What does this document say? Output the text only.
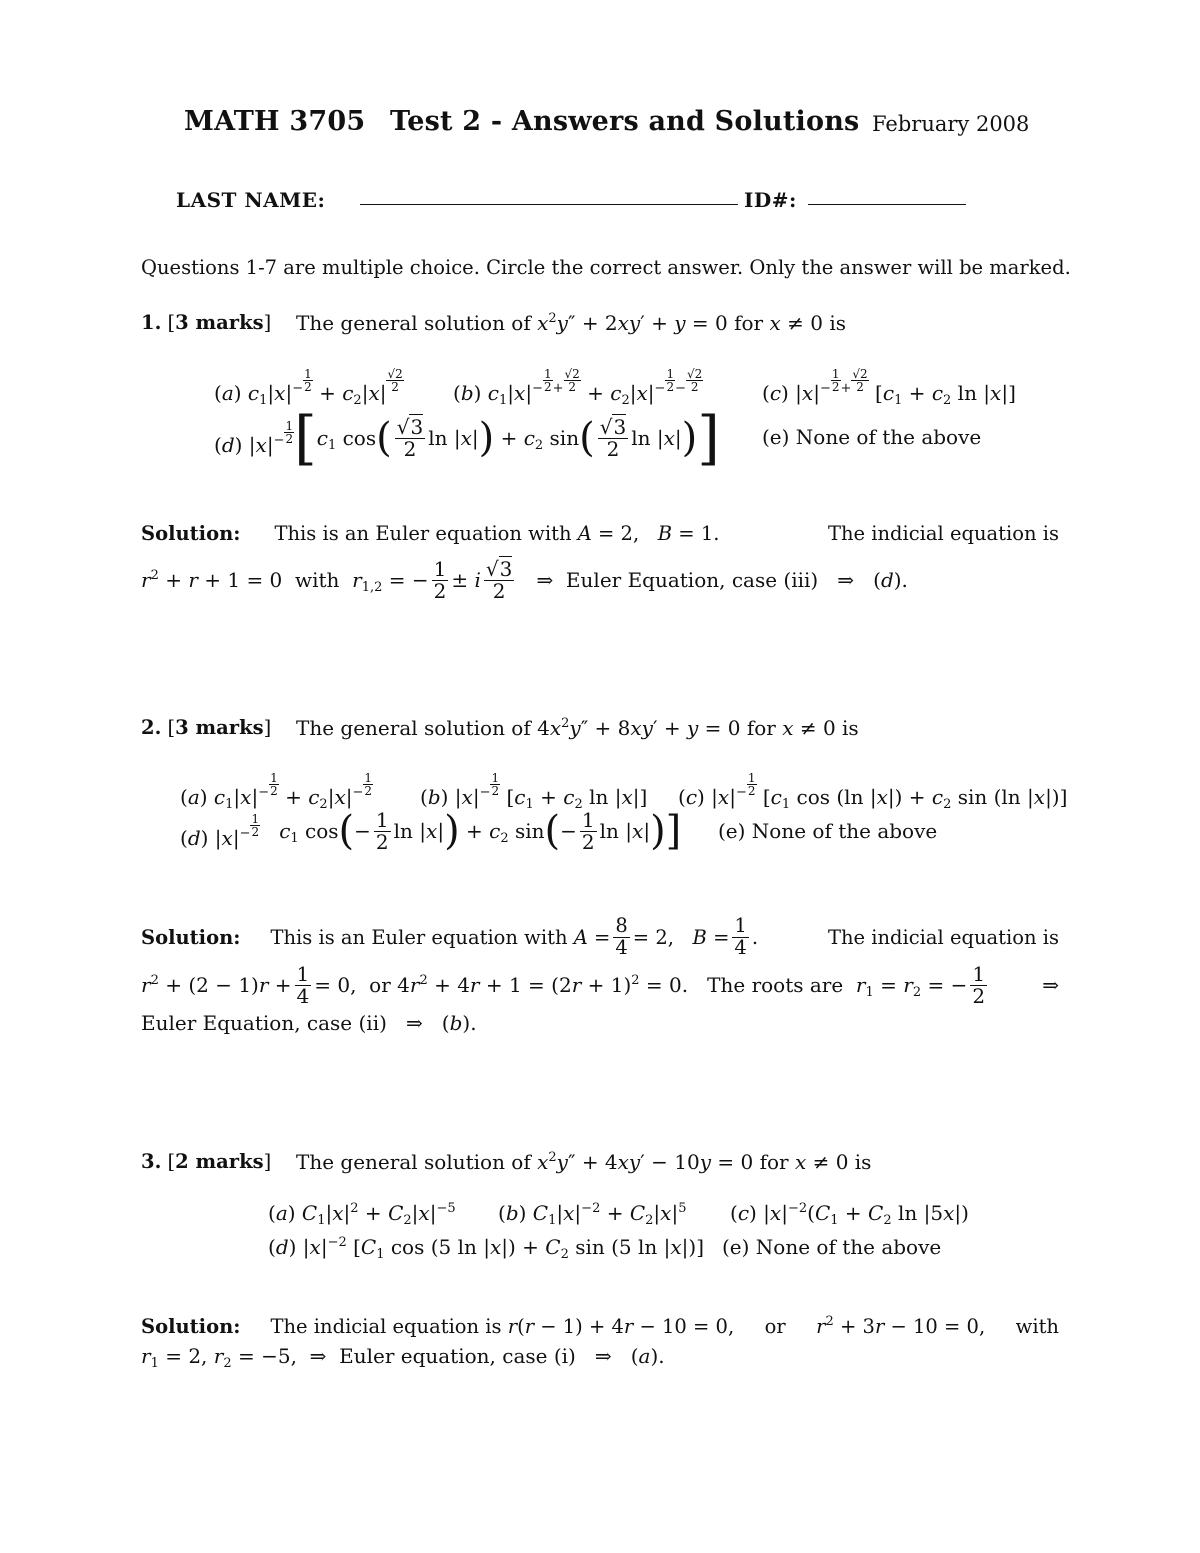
MATH 3705 Test 2 - Answers and Solutions February 2008
LAST NAME:	ID#:
Questions 1-7 are multiple choice. Circle the correct answer. Only the answer will be marked.
1. [3 marks] The general solution of $x^2y'' + 2xy' + y = 0$ for x ≠ 0 is
(a) $c_1|x|^- \frac{1}{2} + c_2|x| \frac{√2}{2} (b)$ $c_1|x|^- \frac{1}{2} ^+ \frac{√2}{2} + c_2|x|^- \frac{1}{2} ^- \frac{√2}{2}$	(c) $|x|^- \frac{1}{2} ^+ \frac{√2}{2} [c_1 + c_2$ ln |x|]
(d) $|x|^- \frac{1}{2}$ [ $c_1$ cos ( $\frac{√3}{2}$ ln |x| ) + $c_2$ sin ( $\frac{√3}{2}$ ln |x| ) ] (e) None of the above
Solution: This is an Euler equation with A = 2,   B = 1.	The indicial equation is
$r^2 + r + 1 = 0$  with  $r_{1,2}$ = − $\frac{1}{2} \pm i \frac{√3}{2}$ ⇒  Euler Equation, case (iii)   ⇒   (d).
2. [3 marks] The general solution of $4x^2y'' + 8xy' + y = 0$ for x ≠ 0 is
(a) $c_1|x|^- \frac{1}{2} + c_2|x|^- \frac{1}{2} (b)$ $|x|^- \frac{1}{2} [c_1 + c_2$ ln |x|] (c) $|x|^- \frac{1}{2} [c_1$ cos (ln $|x|) + c_2$ sin (ln |x|)]
(d) $|x|^- \frac{1}{2} c_1$ cos ( − $\frac{1}{2}$ ln |x| ) + $c_2$ sin ( − $\frac{1}{2}$ ln |x| ) ] (e) None of the above
Solution: This is an Euler equation with $A = \frac{8}{4} = 2$,   $B = \frac{1}{4}$ .	The indicial equation is
$r^2 + (2 - 1)r + \frac{1}{4} = 0$,  or $4r^2 + 4r + 1 = (2r + 1)^2 = 0$.   The roots are  $r_1 = r_2$ = − $\frac{1}{2}$	⇒
Euler Equation, case (ii)   ⇒   (b).
3. [2 marks] The general solution of $x^2y'' + 4xy' - 10y = 0$ for x ≠ 0 is
(a) $C_1|x|^2 + C_2|x|^{-5}$ (b) $C_1|x|^{-2} + C_2|x|^5$ (c) $|x|^{-2}(C_1 + C_2$ ln |5x|)
(d) $|x|^{-2}$ [$C_1$ cos (5 $\ln |x|) + C_2$ sin (5 ln |x|)] (e) None of the above
Solution: The indicial equation is r(r − 1) + 4r − 10 = 0, or $r^2 + 3r - 10 = 0$, with
$r_1 = 2$, $r_2 = -5$,  ⇒  Euler equation, case (i)   ⇒   (a).
